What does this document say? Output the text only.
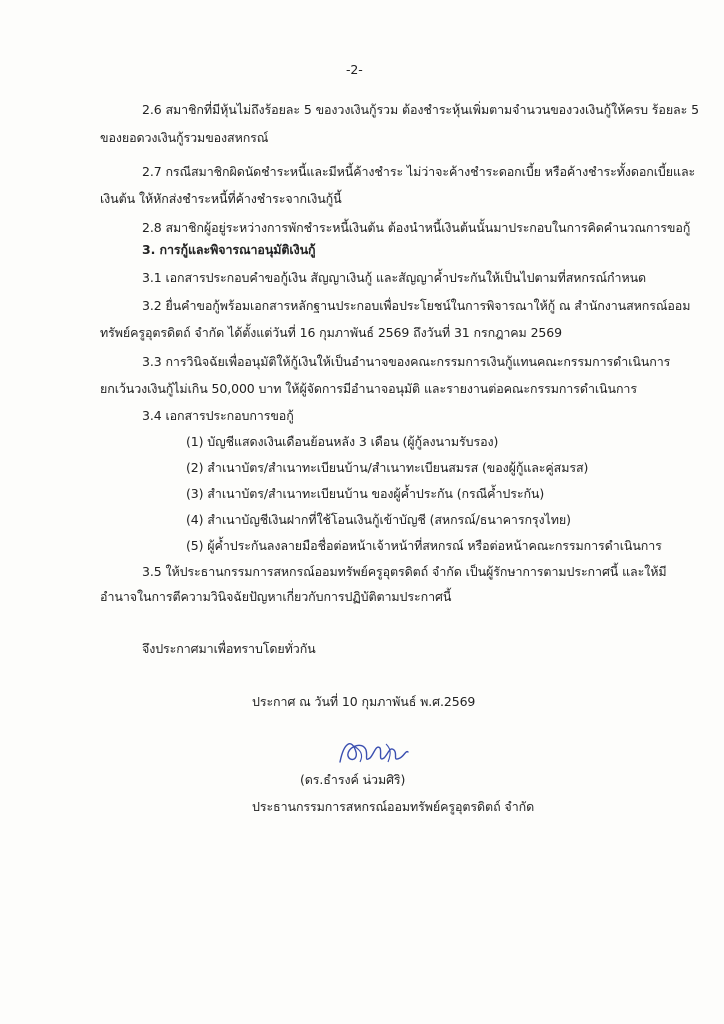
-2-
2.6 สมาชิกที่มีหุ้นไม่ถึงร้อยละ 5 ของวงเงินกู้รวม ต้องชำระหุ้นเพิ่มตามจำนวนของวงเงินกู้ให้ครบ ร้อยละ 5
ของยอดวงเงินกู้รวมของสหกรณ์
2.7 กรณีสมาชิกผิดนัดชำระหนี้และมีหนี้ค้างชำระ ไม่ว่าจะค้างชำระดอกเบี้ย หรือค้างชำระทั้งดอกเบี้ยและ
เงินต้น ให้หักส่งชำระหนี้ที่ค้างชำระจากเงินกู้นี้
2.8 สมาชิกผู้อยู่ระหว่างการพักชำระหนี้เงินต้น ต้องนำหนี้เงินต้นนั้นมาประกอบในการคิดคำนวณการขอกู้
3. การกู้และพิจารณาอนุมัติเงินกู้
3.1 เอกสารประกอบคำขอกู้เงิน สัญญาเงินกู้ และสัญญาค้ำประกันให้เป็นไปตามที่สหกรณ์กำหนด
3.2 ยื่นคำขอกู้พร้อมเอกสารหลักฐานประกอบเพื่อประโยชน์ในการพิจารณาให้กู้ ณ สำนักงานสหกรณ์ออม
ทรัพย์ครูอุตรดิตถ์ จำกัด ได้ตั้งแต่วันที่ 16 กุมภาพันธ์ 2569 ถึงวันที่ 31 กรกฎาคม 2569
3.3 การวินิจฉัยเพื่ออนุมัติให้กู้เงินให้เป็นอำนาจของคณะกรรมการเงินกู้แทนคณะกรรมการดำเนินการ
ยกเว้นวงเงินกู้ไม่เกิน 50,000 บาท ให้ผู้จัดการมีอำนาจอนุมัติ และรายงานต่อคณะกรรมการดำเนินการ
3.4 เอกสารประกอบการขอกู้
(1) บัญชีแสดงเงินเดือนย้อนหลัง 3 เดือน (ผู้กู้ลงนามรับรอง)
(2) สำเนาบัตร/สำเนาทะเบียนบ้าน/สำเนาทะเบียนสมรส (ของผู้กู้และคู่สมรส)
(3) สำเนาบัตร/สำเนาทะเบียนบ้าน ของผู้ค้ำประกัน (กรณีค้ำประกัน)
(4) สำเนาบัญชีเงินฝากที่ใช้โอนเงินกู้เข้าบัญชี (สหกรณ์/ธนาคารกรุงไทย)
(5) ผู้ค้ำประกันลงลายมือชื่อต่อหน้าเจ้าหน้าที่สหกรณ์ หรือต่อหน้าคณะกรรมการดำเนินการ
3.5 ให้ประธานกรรมการสหกรณ์ออมทรัพย์ครูอุตรดิตถ์ จำกัด เป็นผู้รักษาการตามประกาศนี้ และให้มี
อำนาจในการตีความวินิจฉัยปัญหาเกี่ยวกับการปฏิบัติตามประกาศนี้
จึงประกาศมาเพื่อทราบโดยทั่วกัน
ประกาศ ณ วันที่ 10 กุมภาพันธ์ พ.ศ.2569
(ดร.ธำรงค์ น่วมศิริ)
ประธานกรรมการสหกรณ์ออมทรัพย์ครูอุตรดิตถ์ จำกัด
